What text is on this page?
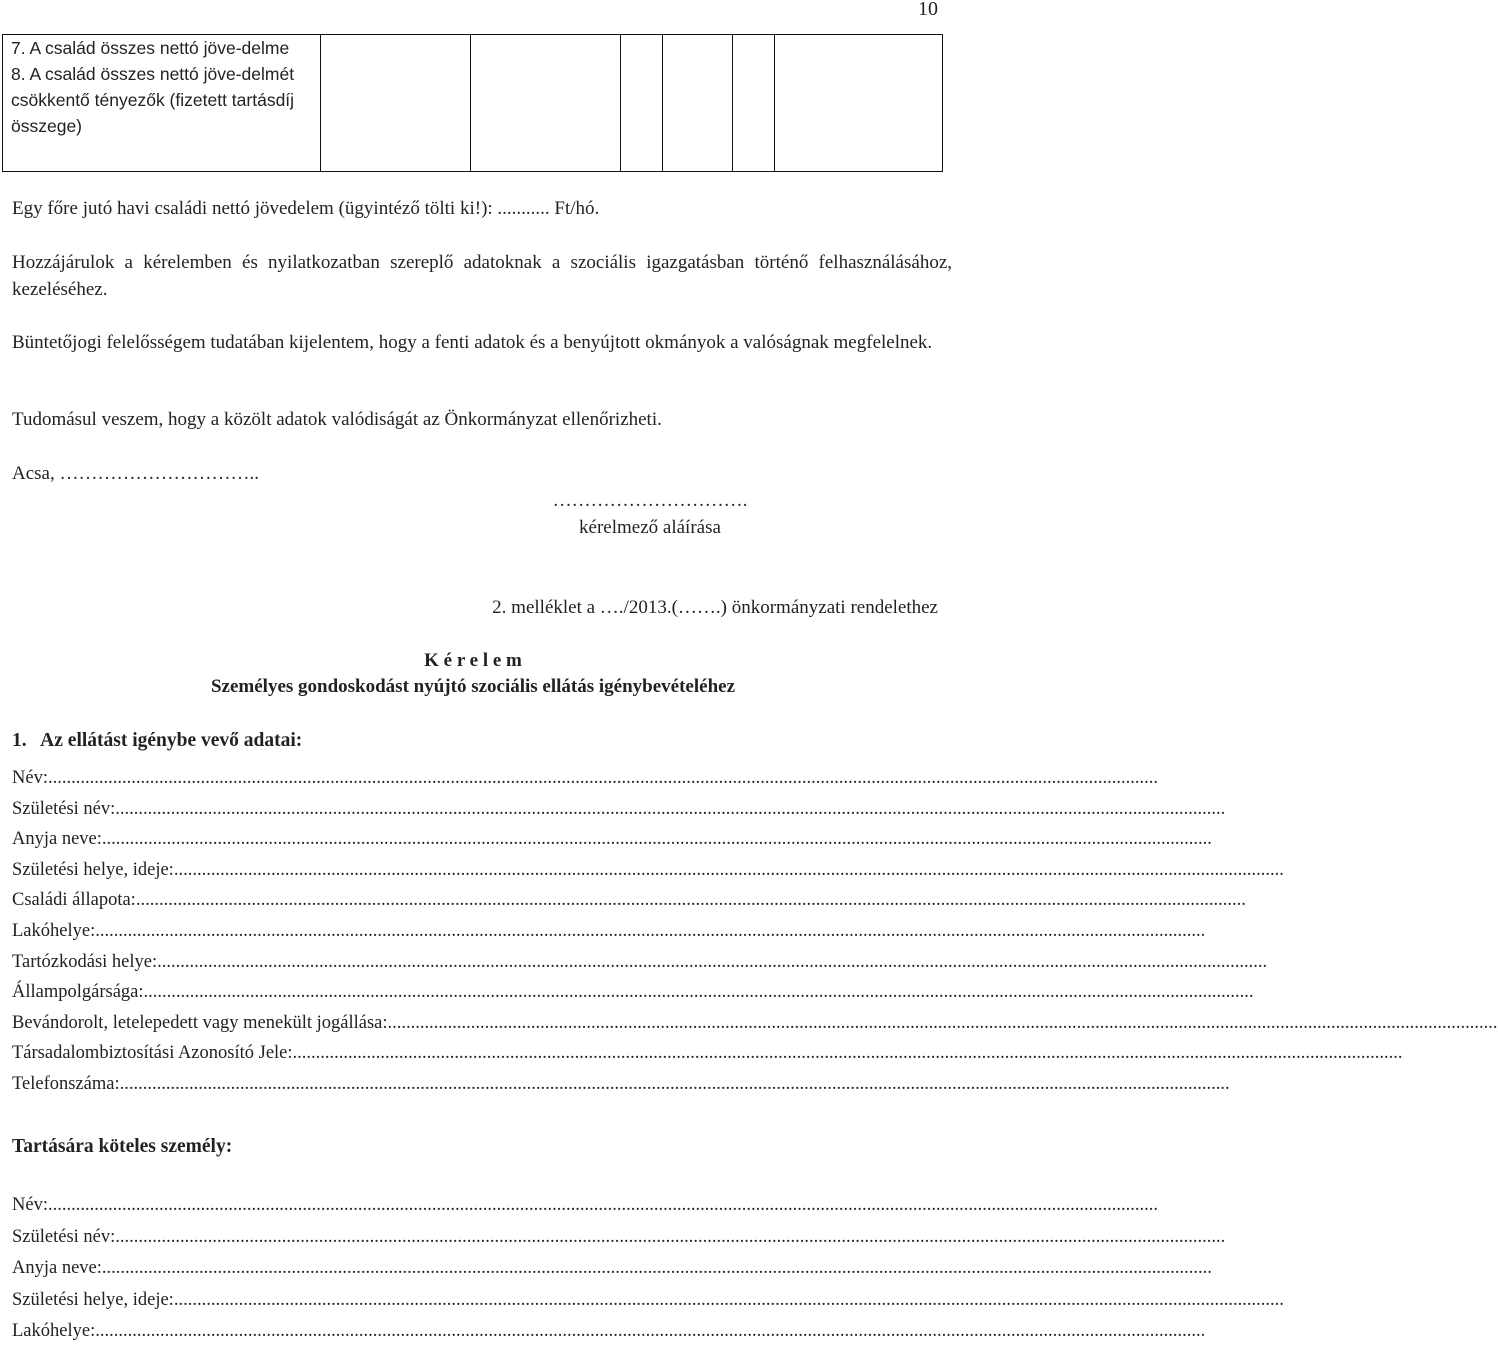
10
7. A család összes nettó jöve-delme
8. A család összes nettó jöve-delmét csökkentő tényezők (fizetett tartásdíj összege)

Egy főre jutó havi családi nettó jövedelem (ügyintéző tölti ki!): ........... Ft/hó.
Hozzájárulok a kérelemben és nyilatkozatban szereplő adatoknak a szociális igazgatásban történő felhasználásához, kezeléséhez.
Büntetőjogi felelősségem tudatában kijelentem, hogy a fenti adatok és a benyújtott okmányok a valóságnak megfelelnek.
Tudomásul veszem, hogy a közölt adatok valódiságát az Önkormányzat ellenőrizheti.
Acsa, …………………………..
………………………….
kérelmező aláírása
2. melléklet a …./2013.(…….) önkormányzati rendelethez
K é r e l e m
Személyes gondoskodást nyújtó szociális ellátás igénybevételéhez
1.   Az ellátást igénybe vevő adatai:
Név: ................................................................................................................................................................................................................................................
Születési név: ................................................................................................................................................................................................................................................
Anyja neve: ................................................................................................................................................................................................................................................
Születési helye, ideje: ................................................................................................................................................................................................................................................
Családi állapota: ................................................................................................................................................................................................................................................
Lakóhelye: ................................................................................................................................................................................................................................................
Tartózkodási helye: ................................................................................................................................................................................................................................................
Állampolgársága: ................................................................................................................................................................................................................................................
Bevándorolt, letelepedett vagy menekült jogállása: ................................................................................................................................................................................................................................................
Társadalombiztosítási Azonosító Jele: ................................................................................................................................................................................................................................................
Telefonszáma: ................................................................................................................................................................................................................................................
Tartására köteles személy:
Név: ................................................................................................................................................................................................................................................
Születési név: ................................................................................................................................................................................................................................................
Anyja neve: ................................................................................................................................................................................................................................................
Születési helye, ideje: ................................................................................................................................................................................................................................................
Lakóhelye: ................................................................................................................................................................................................................................................
